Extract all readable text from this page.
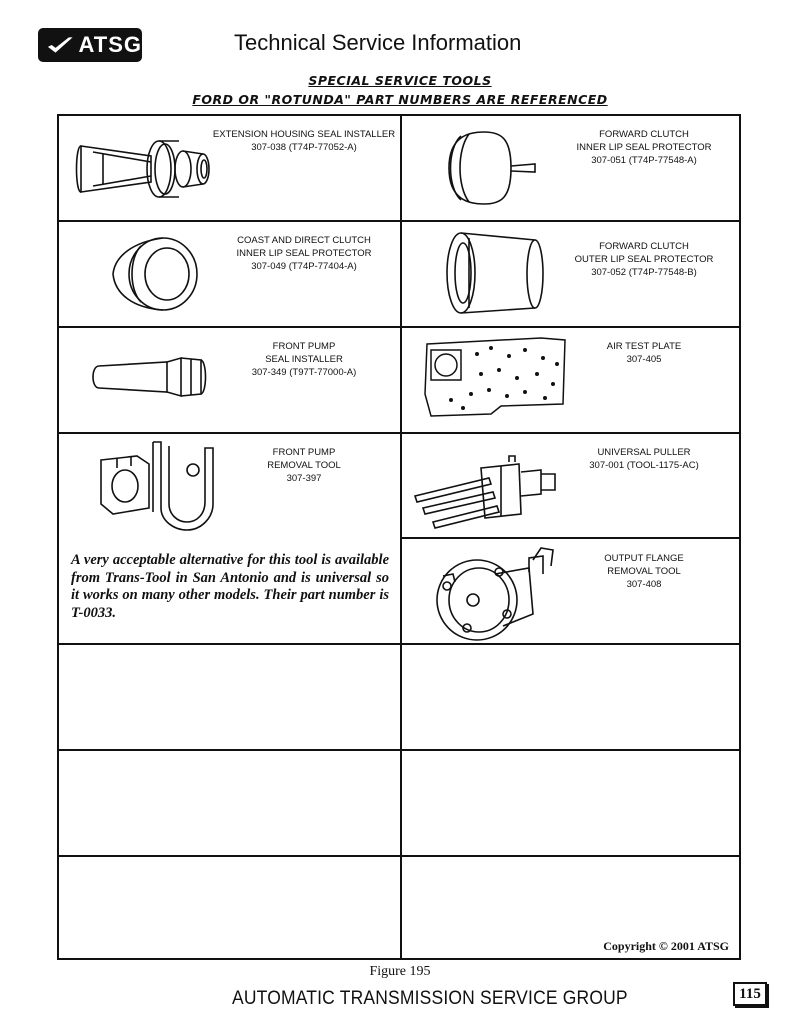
ATSG	Technical Service Information
SPECIAL SERVICE TOOLS
FORD OR "ROTUNDA" PART NUMBERS ARE REFERENCED
EXTENSION HOUSING SEAL INSTALLER
307-038 (T74P-77052-A)
FORWARD CLUTCH
INNER LIP SEAL PROTECTOR
307-051 (T74P-77548-A)
COAST AND DIRECT CLUTCH
INNER LIP SEAL PROTECTOR
307-049 (T74P-77404-A)
FORWARD CLUTCH
OUTER LIP SEAL PROTECTOR
307-052 (T74P-77548-B)
FRONT PUMP
SEAL INSTALLER
307-349 (T97T-77000-A)
AIR TEST PLATE
307-405
FRONT PUMP
REMOVAL TOOL
307-397
A very acceptable alternative for this tool is available from Trans-Tool in San Antonio and is universal so it works on many other models. Their part number is T-0033.
UNIVERSAL PULLER
307-001 (TOOL-1175-AC)
OUTPUT FLANGE
REMOVAL TOOL
307-408
Copyright © 2001 ATSG
Figure 195
AUTOMATIC TRANSMISSION SERVICE GROUP	115
